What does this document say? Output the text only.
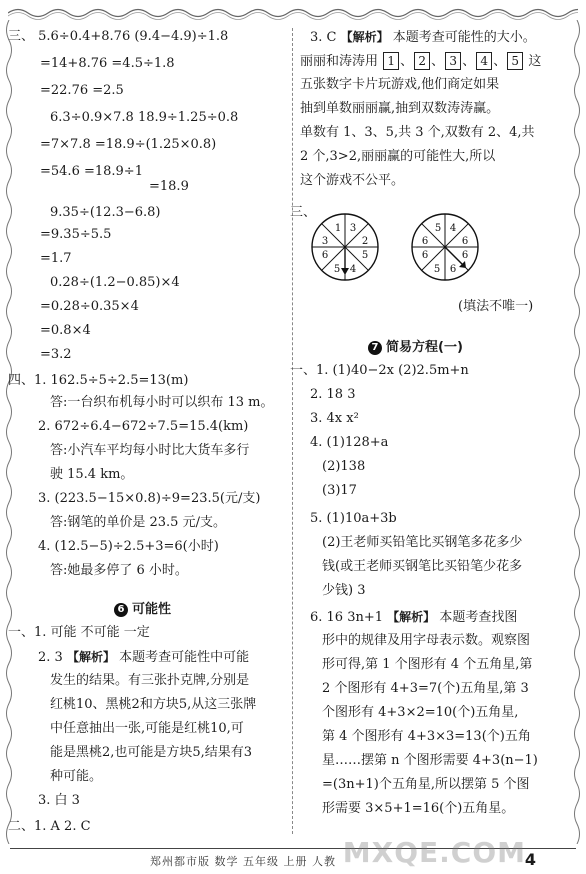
三、 5.6÷0.4+8.76 (9.4−4.9)÷1.8
=14+8.76 =4.5÷1.8
=22.76 =2.5
6.3÷0.9×7.8 18.9÷1.25÷0.8
=7×7.8 =18.9÷(1.25×0.8)
=54.6 =18.9÷1
=18.9
9.35÷(12.3−6.8)
=9.35÷5.5
=1.7
0.28÷(1.2−0.85)×4
=0.28÷0.35×4
=0.8×4
=3.2
四、1. 162.5÷5÷2.5=13(m)
答:一台织布机每小时可以织布 13 m。
2. 672÷6.4−672÷7.5=15.4(km)
答:小汽车平均每小时比大货车多行
驶 15.4 km。
3. (223.5−15×0.8)÷9=23.5(元/支)
答:钢笔的单价是 23.5 元/支。
4. (12.5−5)÷2.5+3=6(小时)
答:她最多停了 6 小时。
6 可能性
一、1. 可能 不可能 一定
2. 3 【解析】 本题考查可能性中可能
发生的结果。有三张扑克牌,分别是
红桃10、黑桃2和方块5,从这三张牌
中任意抽出一张,可能是红桃10,可
能是黑桃2,也可能是方块5,结果有3
种可能。
3. 白 3
二、1. A 2. C
3. C 【解析】 本题考查可能性的大小。
丽丽和涛涛用 1 、 2 、 3 、 4 、 5 这
五张数字卡片玩游戏,他们商定如果
抽到单数丽丽赢,抽到双数涛涛赢。
单数有 1、3、5,共 3 个,双数有 2、4,共
2 个,3>2,丽丽赢的可能性大,所以
这个游戏不公平。
三、
1 3
2
5
4
5
6
3
4
5
6	6
6	6
5 6
(填法不唯一)
7 简易方程(一)
一、1. (1)40−2x (2)2.5m+n
2. 18 3
3. 4x x²
4. (1)128+a
(2)138
(3)17
5. (1)10a+3b
(2)王老师买铅笔比买钢笔多花多少
钱(或王老师买钢笔比买铅笔少花多
少钱) 3
6. 16 3n+1 【解析】 本题考查找图
形中的规律及用字母表示数。观察图
形可得,第 1 个图形有 4 个五角星,第
2 个图形有 4+3=7(个)五角星,第 3
个图形有 4+3×2=10(个)五角星,
第 4 个图形有 4+3×3=13(个)五角
星……摆第 n 个图形需要 4+3(n−1)
=(3n+1)个五角星,所以摆第 5 个图
形需要 3×5+1=16(个)五角星。
郑州都市版 数学 五年级 上册 人教 MXQE.COM
4
